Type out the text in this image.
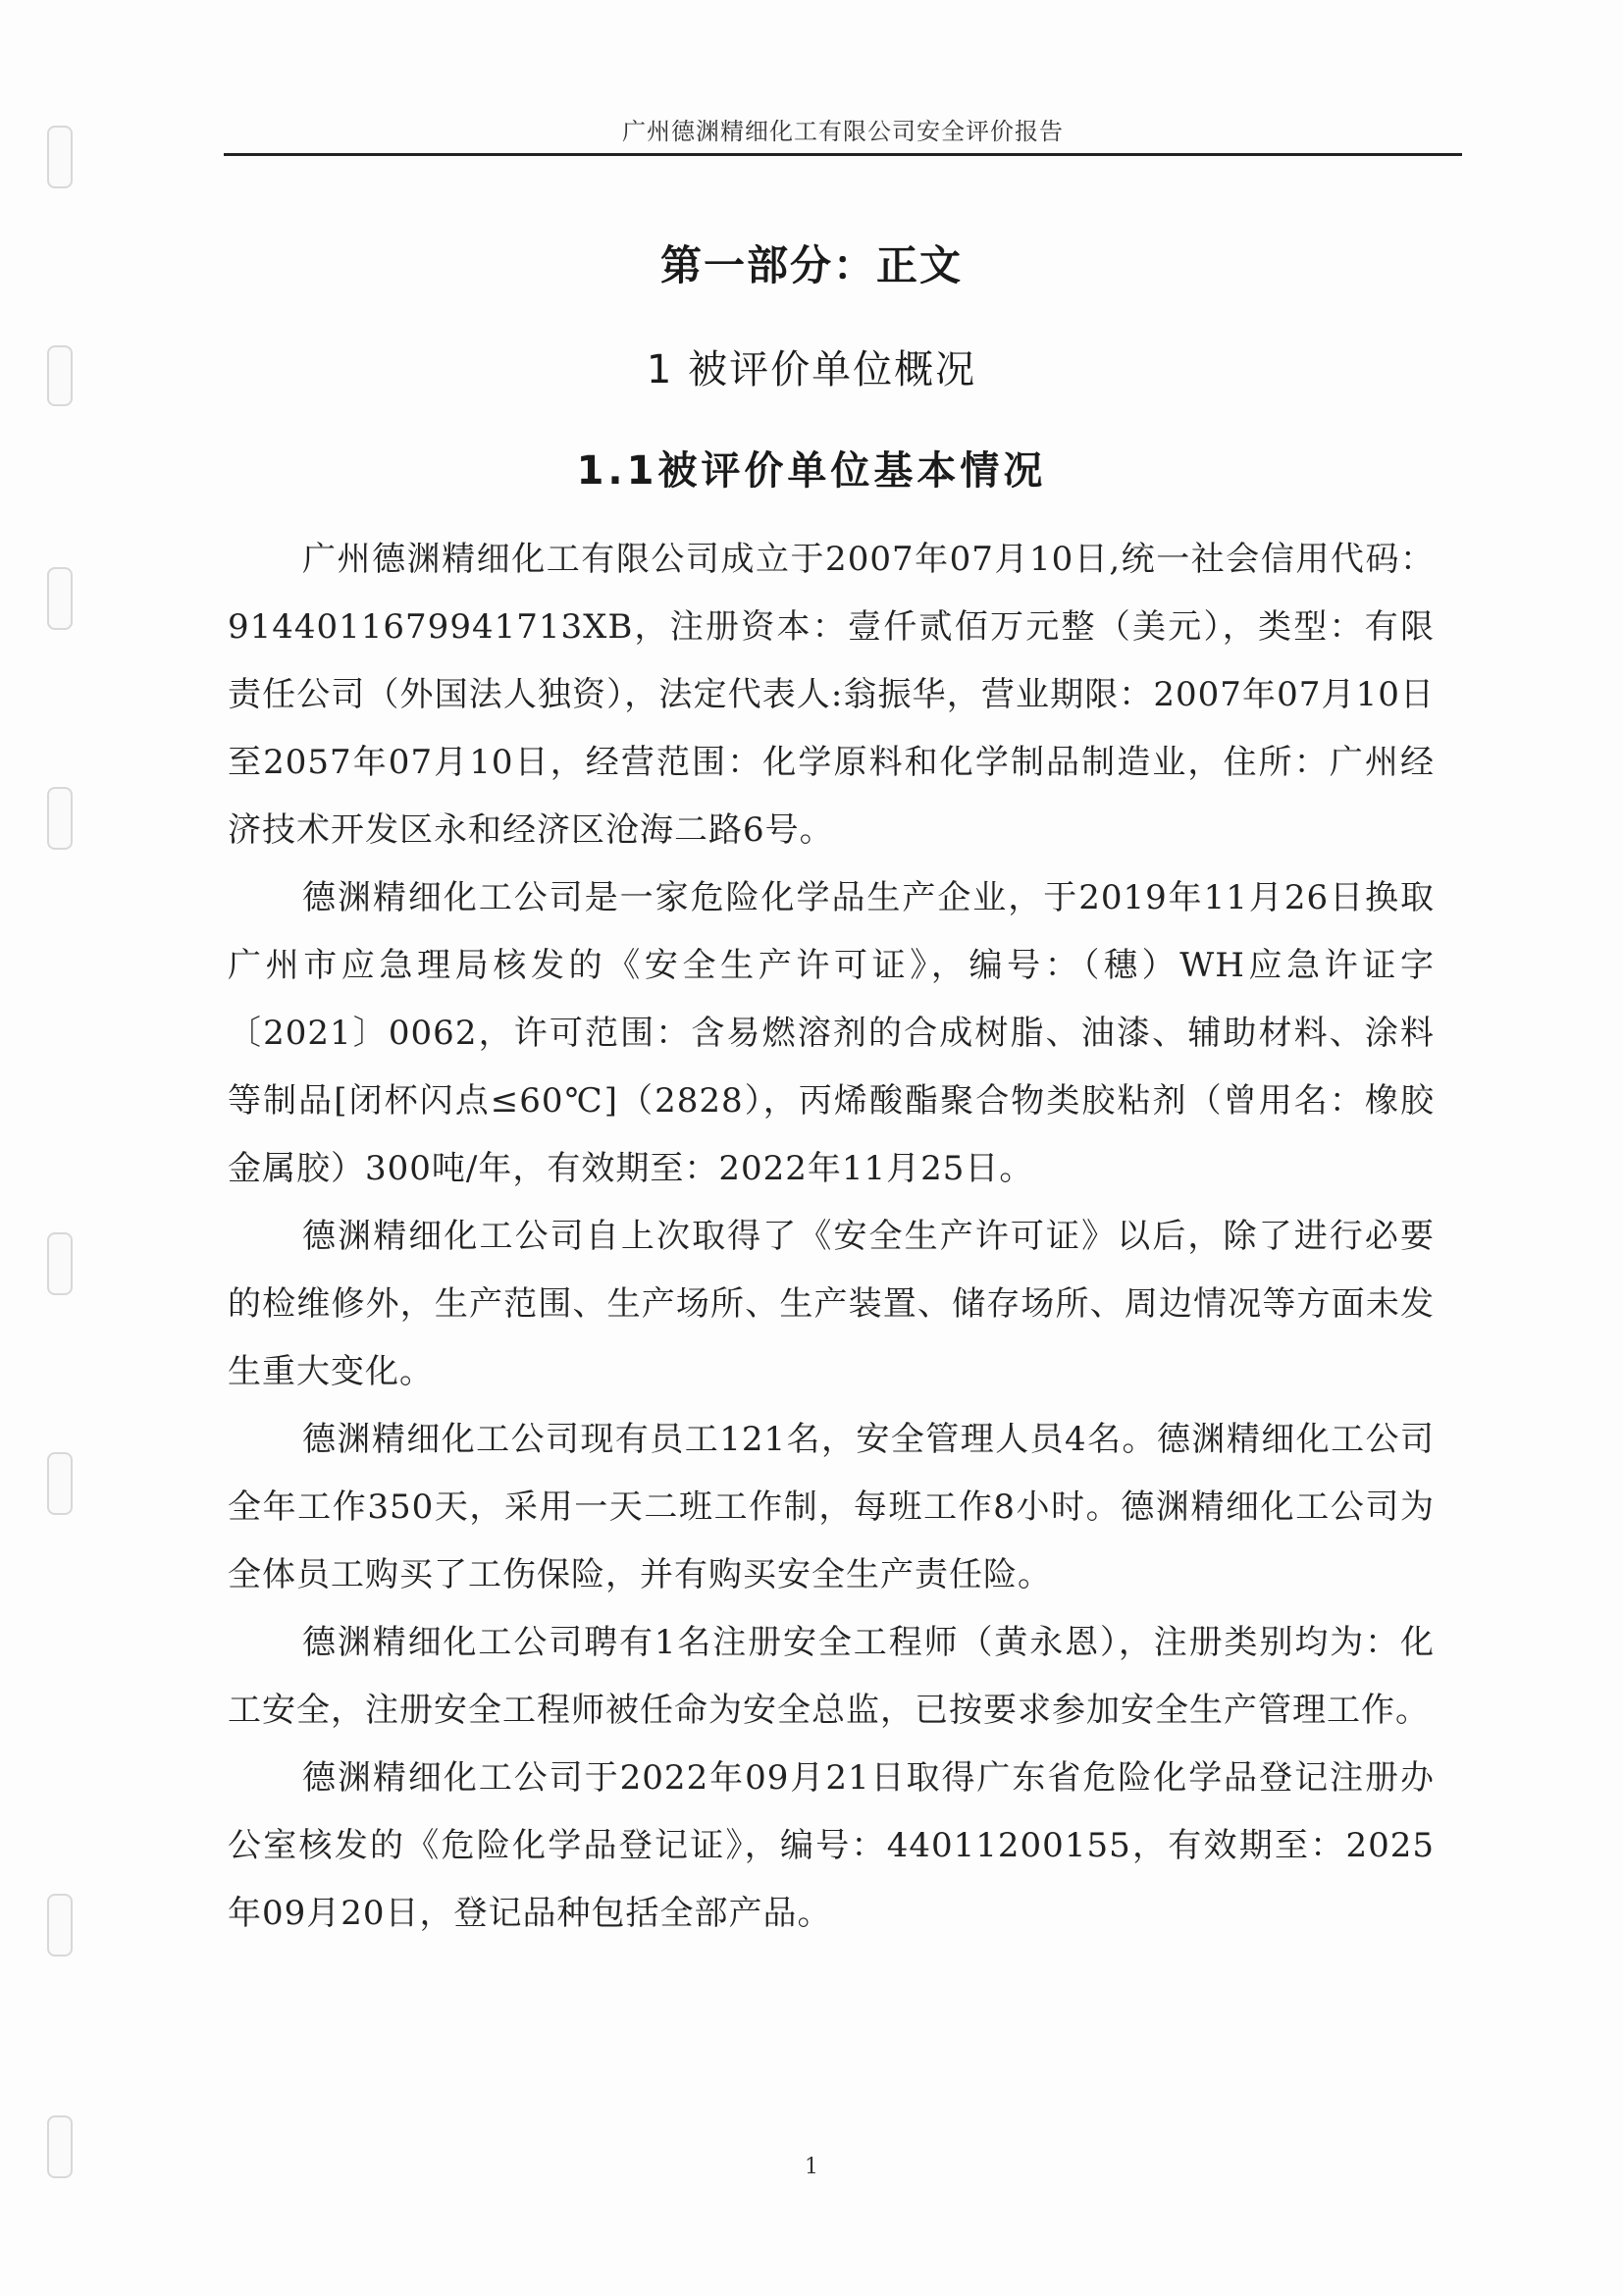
广州德渊精细化工有限公司安全评价报告
第一部分：正文
1 被评价单位概况
1.1被评价单位基本情况

广州德渊精细化工有限公司成立于2007年07月10日,统一社会信用代码：9144011679941713XB，注册资本：壹仟贰佰万元整（美元），类型：有限责任公司（外国法人独资），法定代表人:翁振华，营业期限：2007年07月10日至2057年07月10日，经营范围：化学原料和化学制品制造业，住所：广州经济技术开发区永和经济区沧海二路6号。

德渊精细化工公司是一家危险化学品生产企业，于2019年11月26日换取广州市应急理局核发的《安全生产许可证》，编号：（穗）WH应急许证字〔2021〕0062，许可范围：含易燃溶剂的合成树脂、油漆、辅助材料、涂料等制品[闭杯闪点≤60℃]（2828），丙烯酸酯聚合物类胶粘剂（曾用名：橡胶金属胶）300吨/年，有效期至：2022年11月25日。

德渊精细化工公司自上次取得了《安全生产许可证》以后，除了进行必要的检维修外，生产范围、生产场所、生产装置、储存场所、周边情况等方面未发生重大变化。

德渊精细化工公司现有员工121名，安全管理人员4名。德渊精细化工公司全年工作350天，采用一天二班工作制，每班工作8小时。德渊精细化工公司为全体员工购买了工伤保险，并有购买安全生产责任险。

德渊精细化工公司聘有1名注册安全工程师（黄永恩），注册类别均为：化工安全，注册安全工程师被任命为安全总监，已按要求参加安全生产管理工作。

德渊精细化工公司于2022年09月21日取得广东省危险化学品登记注册办公室核发的《危险化学品登记证》，编号：44011200155，有效期至：2025年09月20日，登记品种包括全部产品。

1
